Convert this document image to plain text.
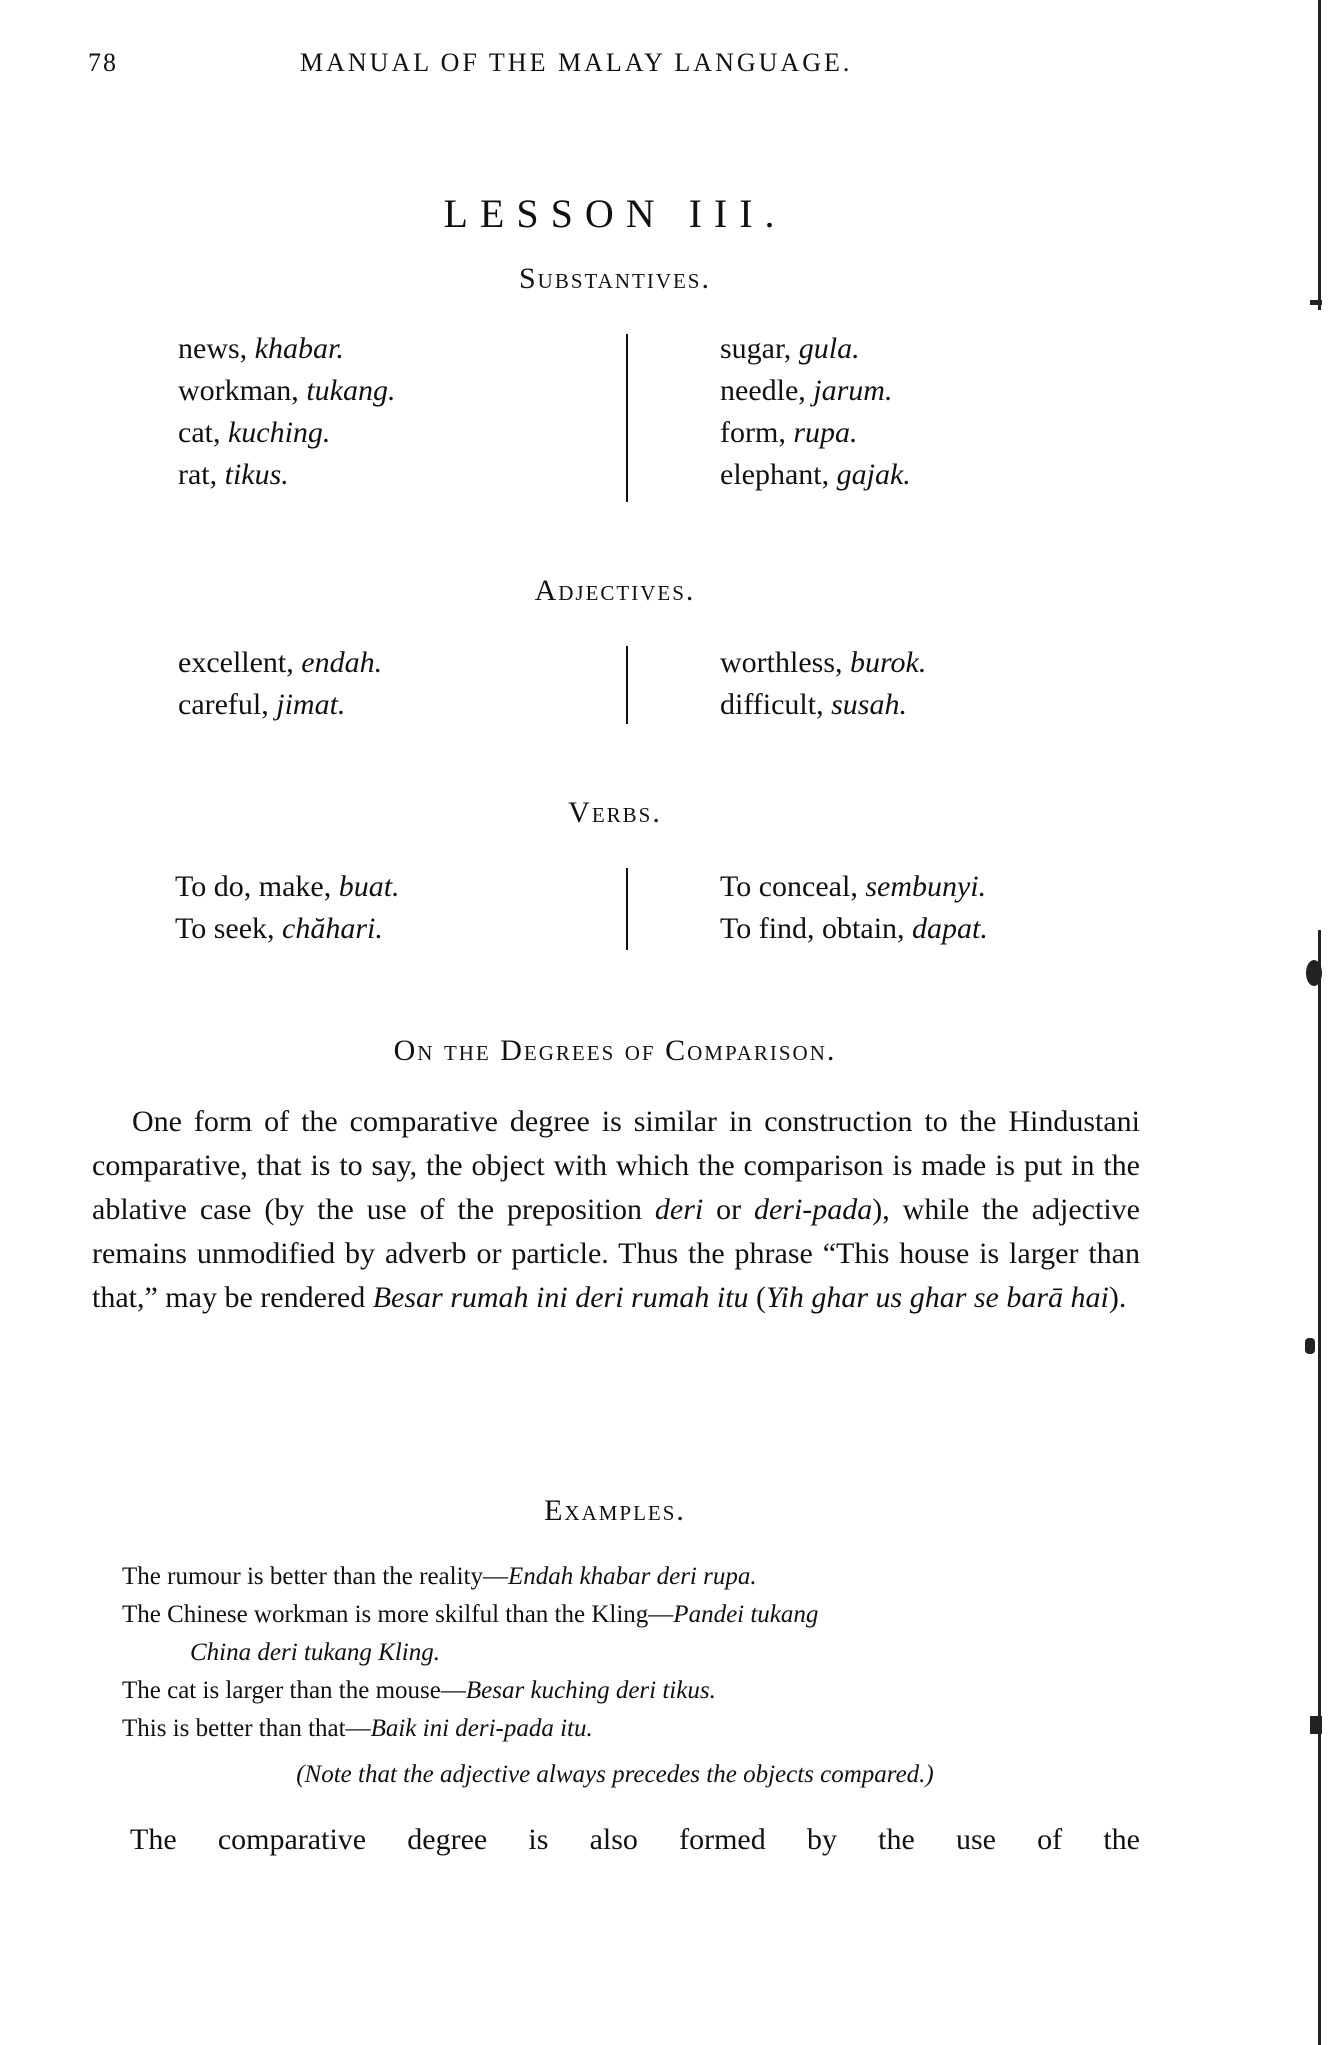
78	MANUAL OF THE MALAY LANGUAGE.
LESSON III.
Substantives.
news, khabar.
workman, tukang.
cat, kuching.
rat, tikus.
sugar, gula.
needle, jarum.
form, rupa.
elephant, gajak.
Adjectives.
excellent, endah.
careful, jimat.
worthless, burok.
difficult, susah.
Verbs.
To do, make, buat.
To seek, chăhari.
To conceal, sembunyi.
To find, obtain, dapat.
On the Degrees of Comparison.

One form of the comparative degree is similar in construction to the Hindustani comparative, that is to say, the object with which the comparison is made is put in the ablative case (by the use of the preposition deri or deri-pada), while the adjective remains unmodified by adverb or particle. Thus the phrase “This house is larger than that,” may be rendered Besar rumah ini deri rumah itu (Yih ghar us ghar se barā hai).

Examples.
The rumour is better than the reality—Endah khabar deri rupa.
The Chinese workman is more skilful than the Kling—Pandei tukang
China deri tukang Kling.
The cat is larger than the mouse—Besar kuching deri tikus.
This is better than that—Baik ini deri-pada itu.
(Note that the adjective always precedes the objects compared.)
The comparative degree is also formed by the use of the
